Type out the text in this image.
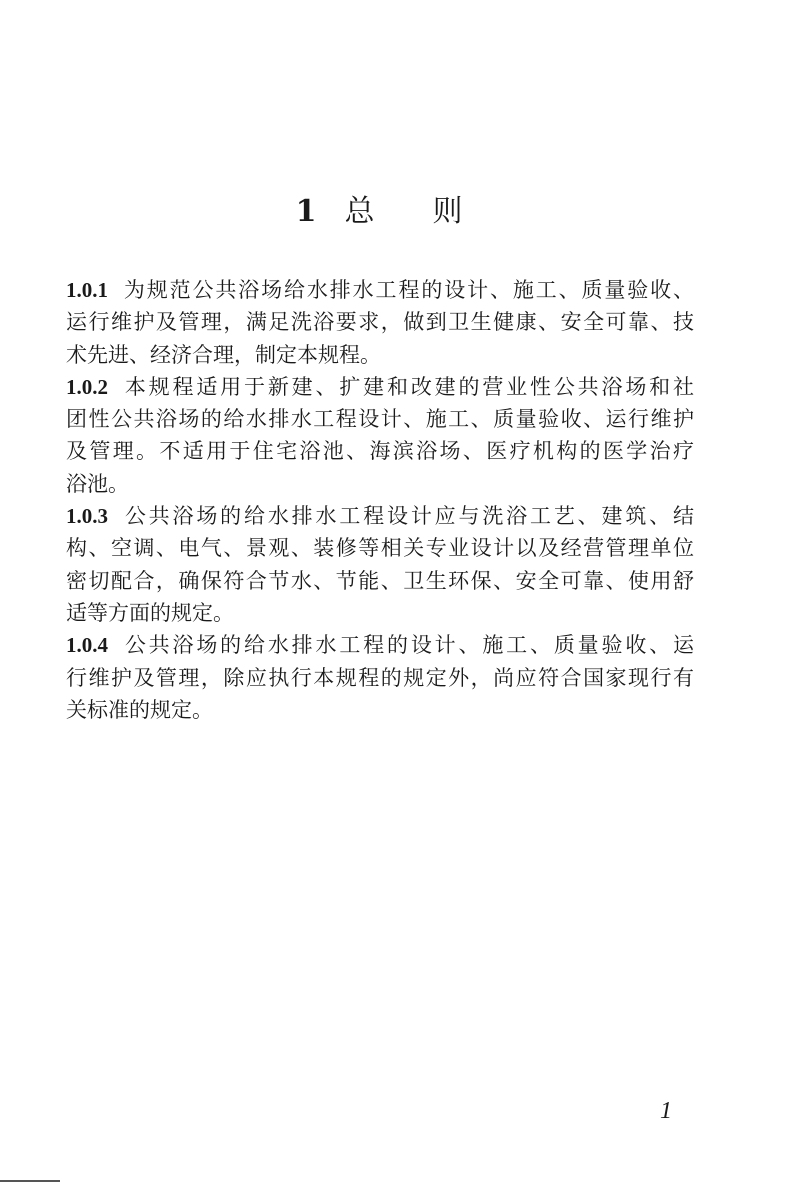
1 总 则
1.0.1 为规范公共浴场给水排水工程的设计、施工、质量验收、
运行维护及管理，满足洗浴要求，做到卫生健康、安全可靠、技
术先进、经济合理，制定本规程。
1.0.2 本规程适用于新建、扩建和改建的营业性公共浴场和社
团性公共浴场的给水排水工程设计、施工、质量验收、运行维护
及管理。不适用于住宅浴池、海滨浴场、医疗机构的医学治疗
浴池。
1.0.3 公共浴场的给水排水工程设计应与洗浴工艺、建筑、结
构、空调、电气、景观、装修等相关专业设计以及经营管理单位
密切配合，确保符合节水、节能、卫生环保、安全可靠、使用舒
适等方面的规定。
1.0.4 公共浴场的给水排水工程的设计、施工、质量验收、运
行维护及管理，除应执行本规程的规定外，尚应符合国家现行有
关标准的规定。
1
